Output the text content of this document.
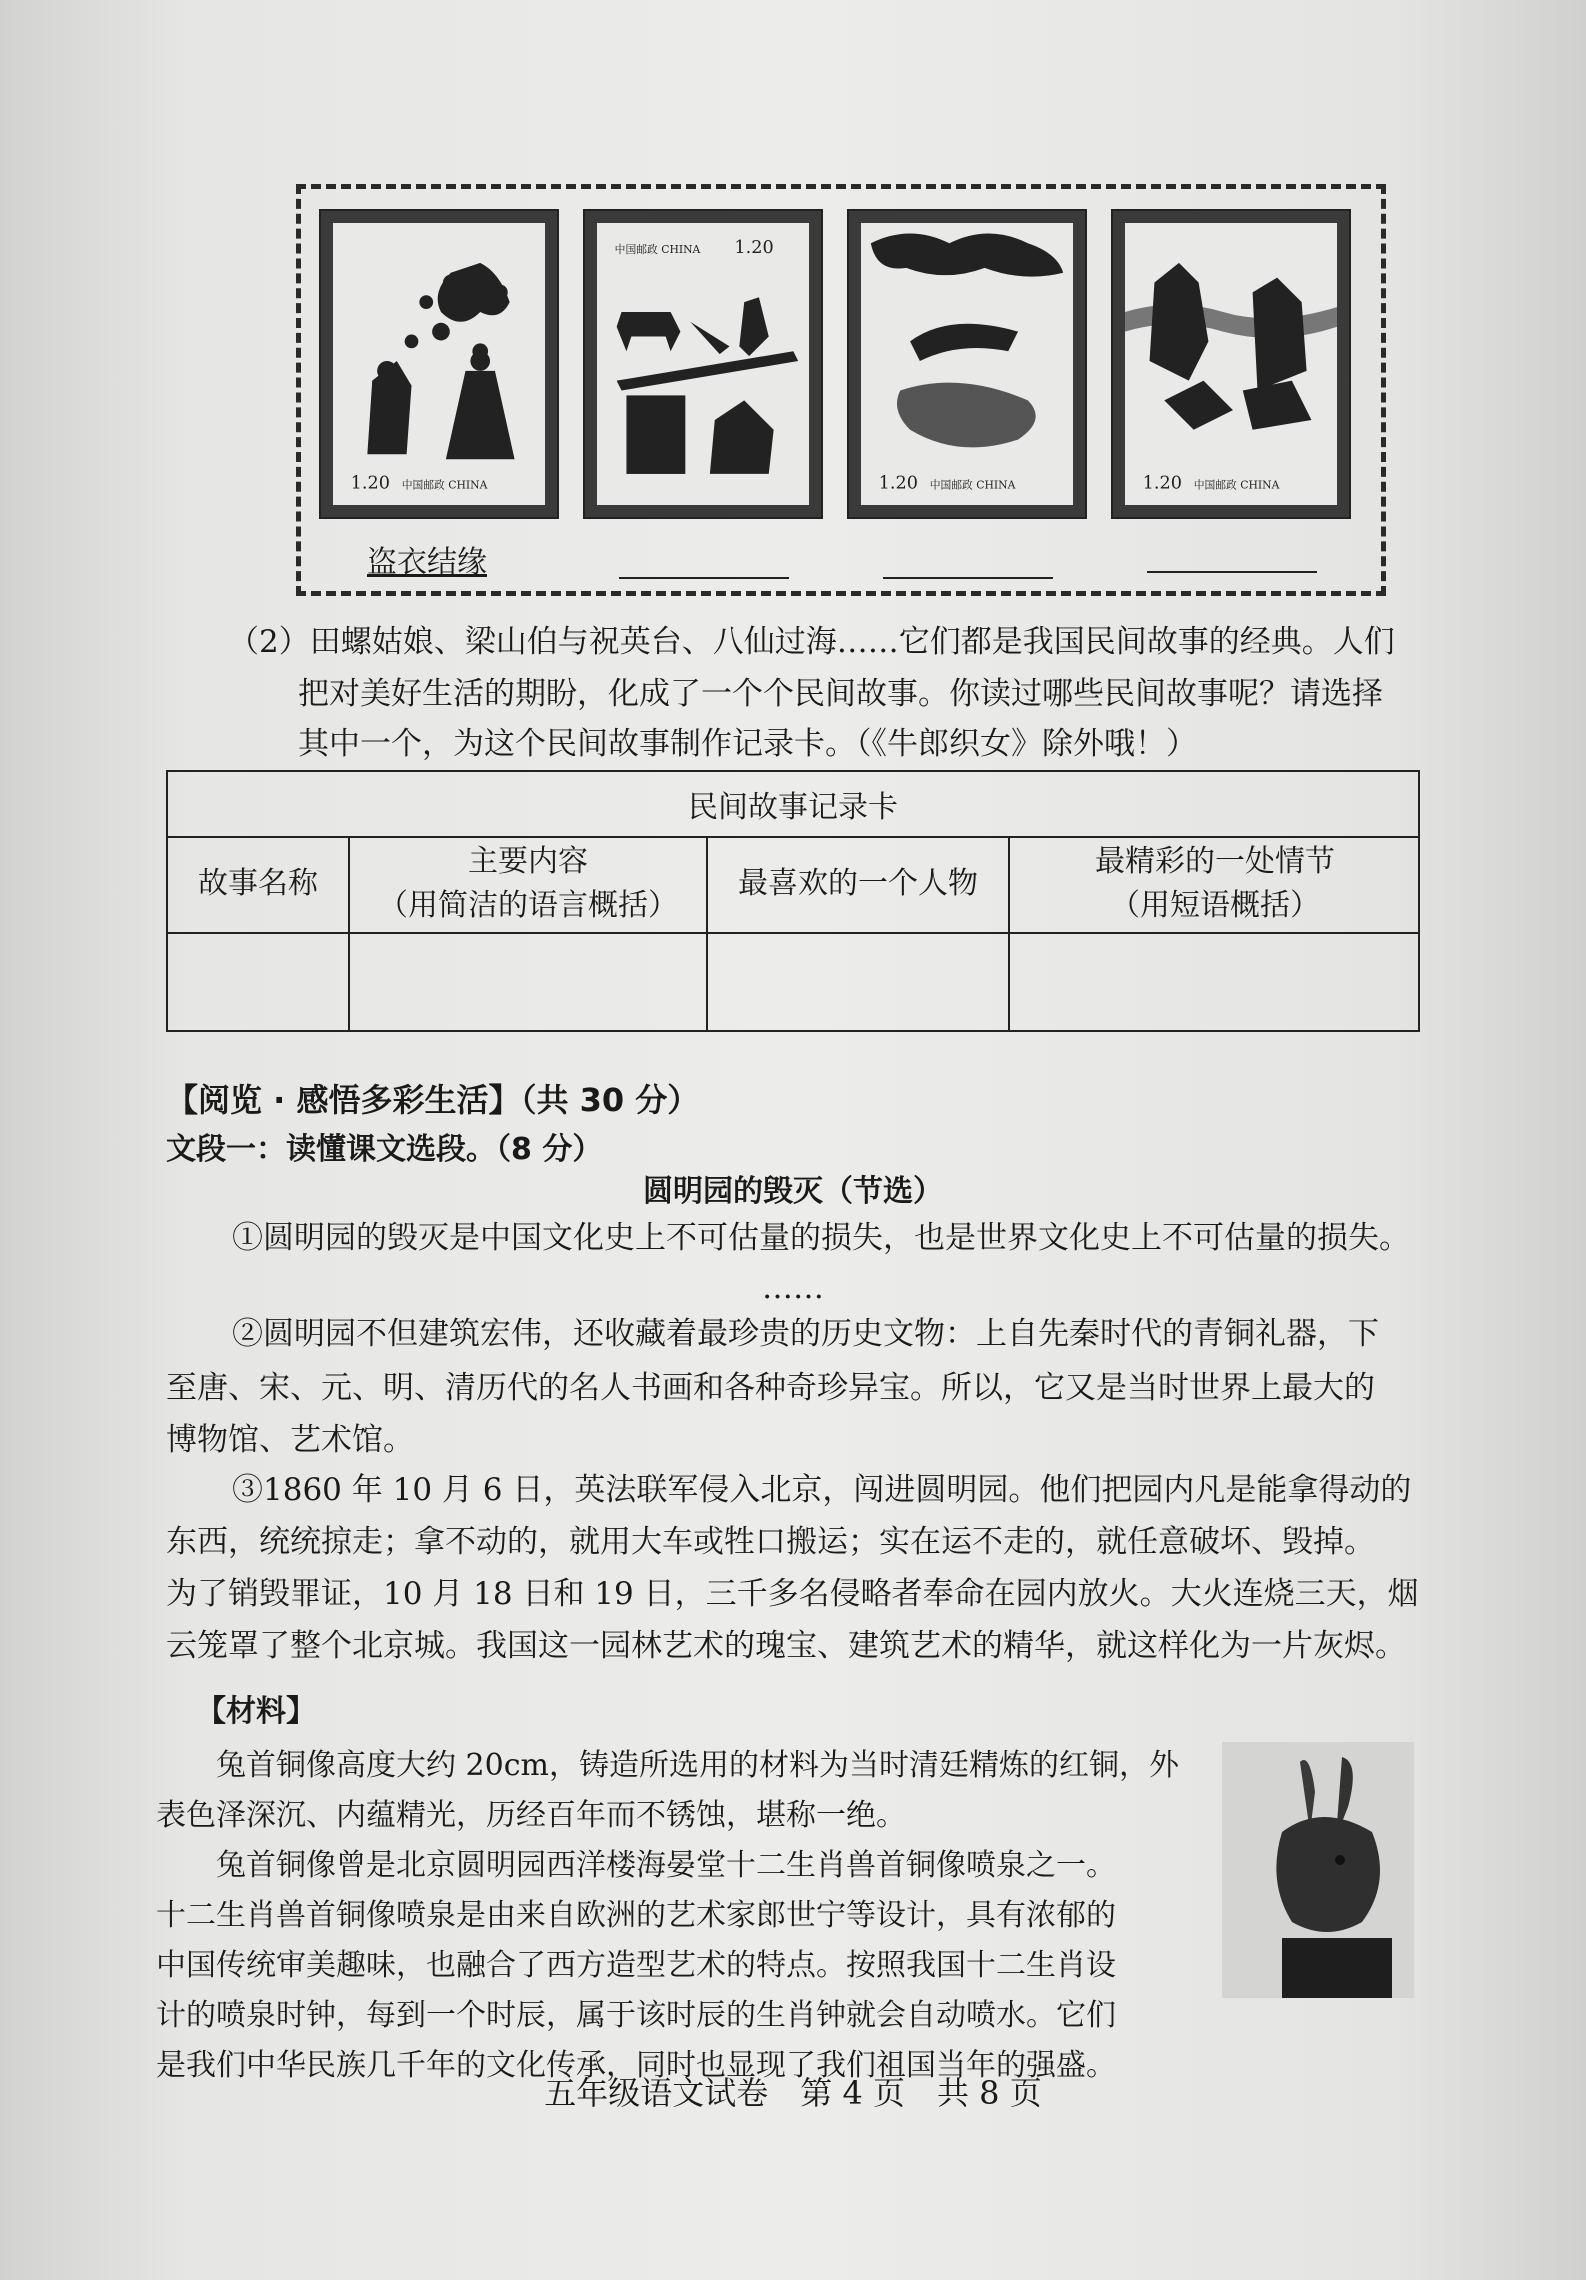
1.20 中国邮政 CHINA
中国邮政 CHINA 1.20
1.20 中国邮政 CHINA	1.20 中国邮政 CHINA
盗衣结缘
（2）田螺姑娘、梁山伯与祝英台、八仙过海……它们都是我国民间故事的经典。人们
把对美好生活的期盼，化成了一个个民间故事。你读过哪些民间故事呢？请选择
其中一个，为这个民间故事制作记录卡。（《牛郎织女》除外哦！）
民间故事记录卡
故事名称
主要内容
（用简洁的语言概括）
最喜欢的一个人物
最精彩的一处情节
（用短语概括）
【阅览 · 感悟多彩生活】（共 30 分）
文段一：读懂课文选段。（8 分）
圆明园的毁灭（节选）
①圆明园的毁灭是中国文化史上不可估量的损失，也是世界文化史上不可估量的损失。
……
②圆明园不但建筑宏伟，还收藏着最珍贵的历史文物：上自先秦时代的青铜礼器，下
至唐、宋、元、明、清历代的名人书画和各种奇珍异宝。所以，它又是当时世界上最大的
博物馆、艺术馆。
③1860 年 10 月 6 日，英法联军侵入北京，闯进圆明园。他们把园内凡是能拿得动的
东西，统统掠走；拿不动的，就用大车或牲口搬运；实在运不走的，就任意破坏、毁掉。
为了销毁罪证，10 月 18 日和 19 日，三千多名侵略者奉命在园内放火。大火连烧三天，烟
云笼罩了整个北京城。我国这一园林艺术的瑰宝、建筑艺术的精华，就这样化为一片灰烬。
【材料】
兔首铜像高度大约 20cm，铸造所选用的材料为当时清廷精炼的红铜，外
表色泽深沉、内蕴精光，历经百年而不锈蚀，堪称一绝。
兔首铜像曾是北京圆明园西洋楼海晏堂十二生肖兽首铜像喷泉之一。
十二生肖兽首铜像喷泉是由来自欧洲的艺术家郎世宁等设计，具有浓郁的
中国传统审美趣味，也融合了西方造型艺术的特点。按照我国十二生肖设
计的喷泉时钟，每到一个时辰，属于该时辰的生肖钟就会自动喷水。它们
是我们中华民族几千年的文化传承，同时也显现了我们祖国当年的强盛。
五年级语文试卷　第 4 页　共 8 页
